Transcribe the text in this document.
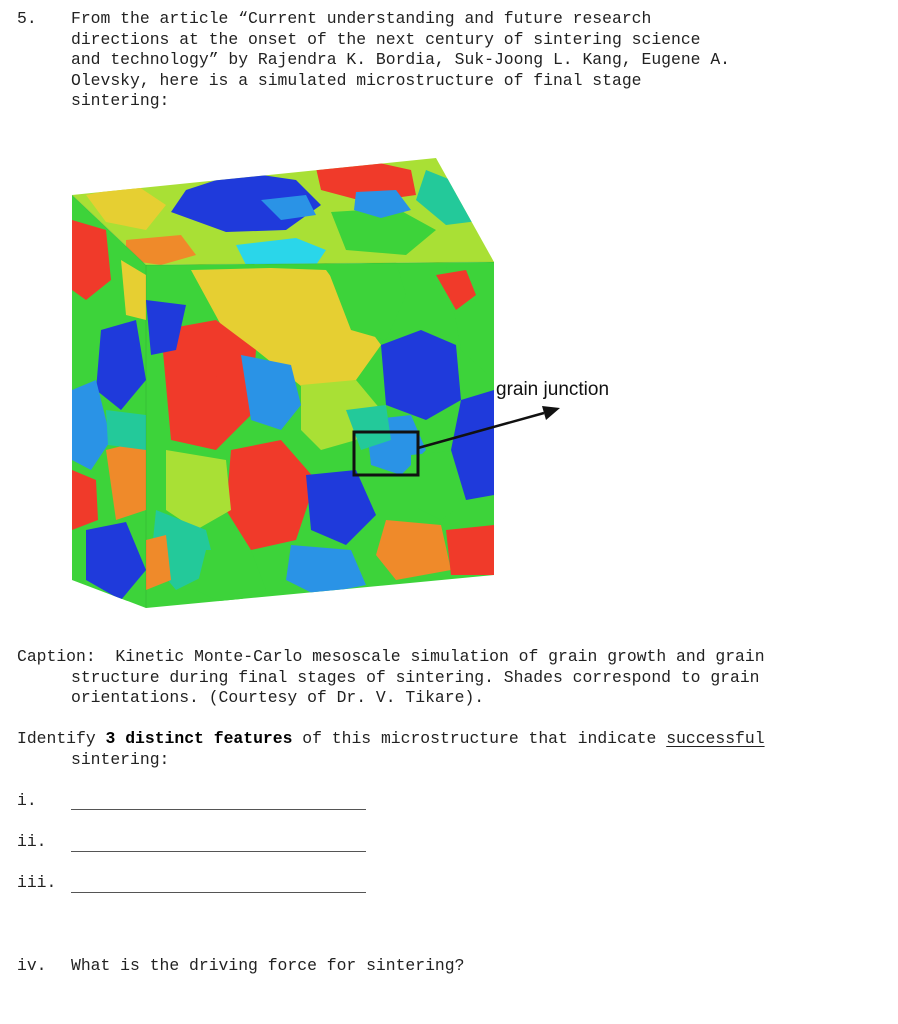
5. From the article “Current understanding and future research
directions at the onset of the next century of sintering science
and technology” by Rajendra K. Bordia, Suk-Joong L. Kang, Eugene A.
Olevsky, here is a simulated microstructure of final stage
sintering:
grain junction
Caption: Kinetic Monte-Carlo mesoscale simulation of grain growth and grain
structure during final stages of sintering. Shades correspond to grain orientations. (Courtesy of Dr. V. Tikare).
Identify 3 distinct features of this microstructure that indicate successful
sintering:
i.
ii.
iii.
iv. What is the driving force for sintering?
